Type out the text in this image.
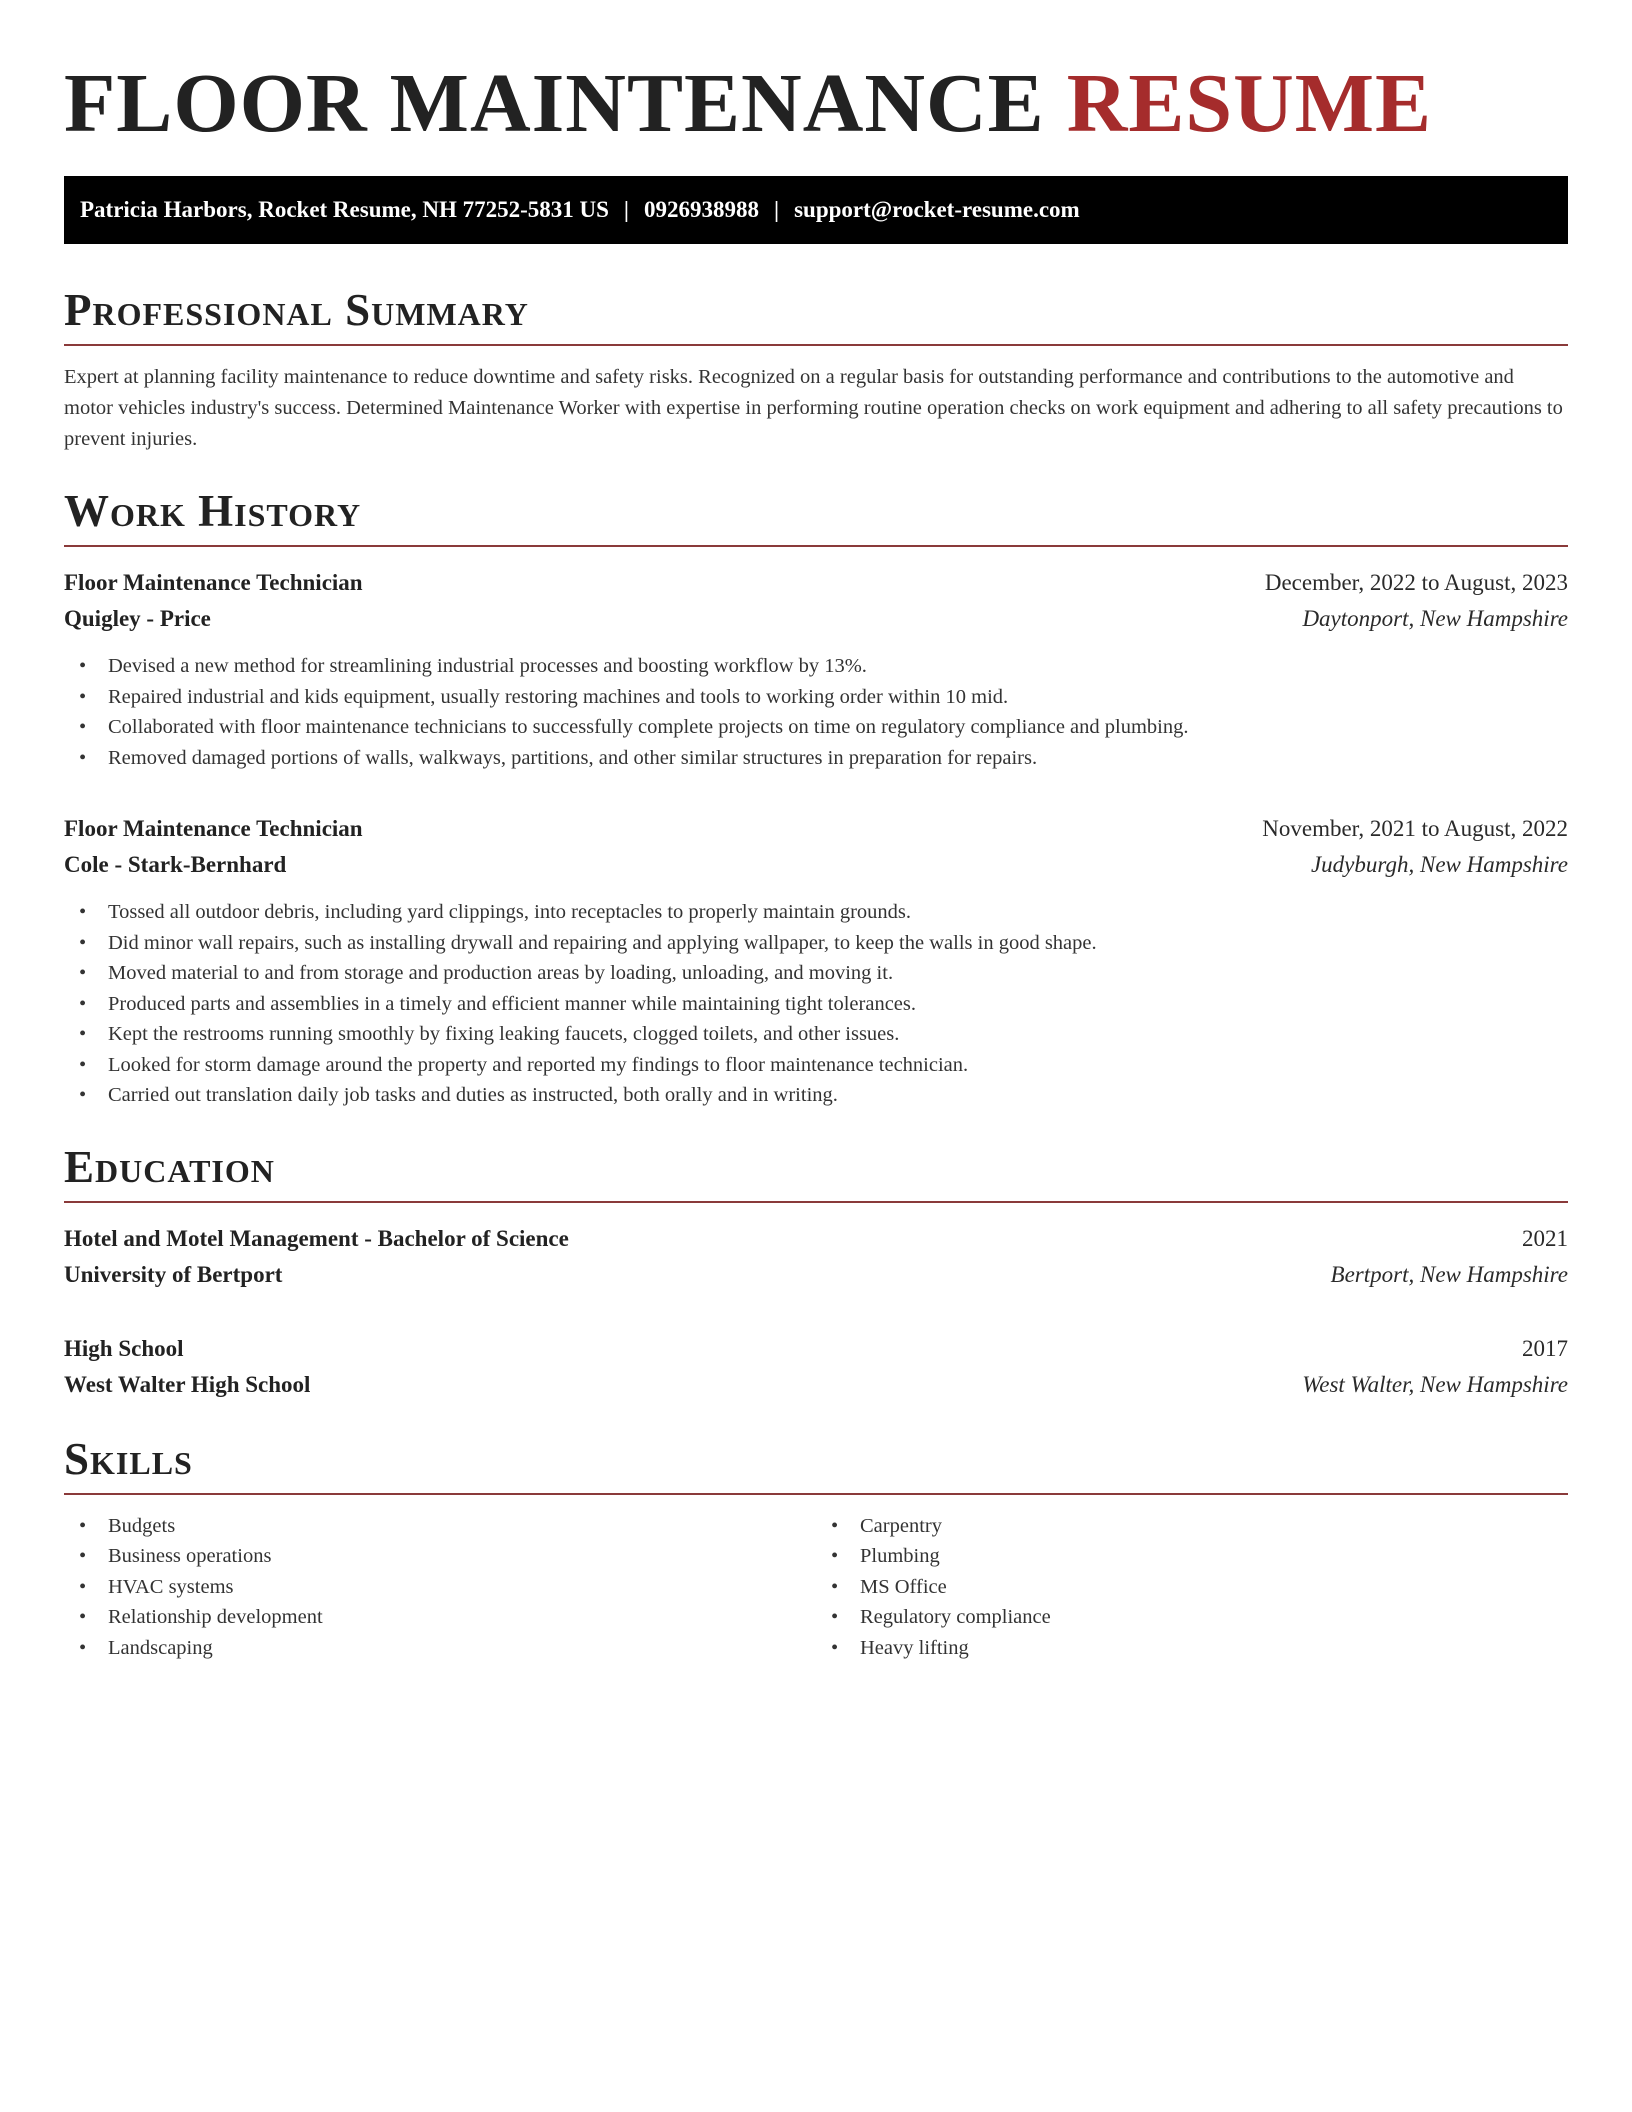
FLOOR MAINTENANCE RESUME
Patricia Harbors, Rocket Resume, NH 77252-5831 US | 0926938988 | support@rocket-resume.com
Professional Summary
Expert at planning facility maintenance to reduce downtime and safety risks. Recognized on a regular basis for outstanding performance and contributions to the automotive and motor vehicles industry's success. Determined Maintenance Worker with expertise in performing routine operation checks on work equipment and adhering to all safety precautions to prevent injuries.
Work History
Floor Maintenance Technician	December, 2022 to August, 2023
Quigley - Price	Daytonport, New Hampshire
• Devised a new method for streamlining industrial processes and boosting workflow by 13%.
• Repaired industrial and kids equipment, usually restoring machines and tools to working order within 10 mid.
• Collaborated with floor maintenance technicians to successfully complete projects on time on regulatory compliance and plumbing.
• Removed damaged portions of walls, walkways, partitions, and other similar structures in preparation for repairs.
Floor Maintenance Technician	November, 2021 to August, 2022
Cole - Stark-Bernhard	Judyburgh, New Hampshire
• Tossed all outdoor debris, including yard clippings, into receptacles to properly maintain grounds.
• Did minor wall repairs, such as installing drywall and repairing and applying wallpaper, to keep the walls in good shape.
• Moved material to and from storage and production areas by loading, unloading, and moving it.
• Produced parts and assemblies in a timely and efficient manner while maintaining tight tolerances.
• Kept the restrooms running smoothly by fixing leaking faucets, clogged toilets, and other issues.
• Looked for storm damage around the property and reported my findings to floor maintenance technician.
• Carried out translation daily job tasks and duties as instructed, both orally and in writing.
Education
Hotel and Motel Management - Bachelor of Science	2021
University of Bertport	Bertport, New Hampshire
High School	2017
West Walter High School	West Walter, New Hampshire
Skills
• Budgets
• Business operations
• HVAC systems
• Relationship development
• Landscaping
• Carpentry
• Plumbing
• MS Office
• Regulatory compliance
• Heavy lifting
